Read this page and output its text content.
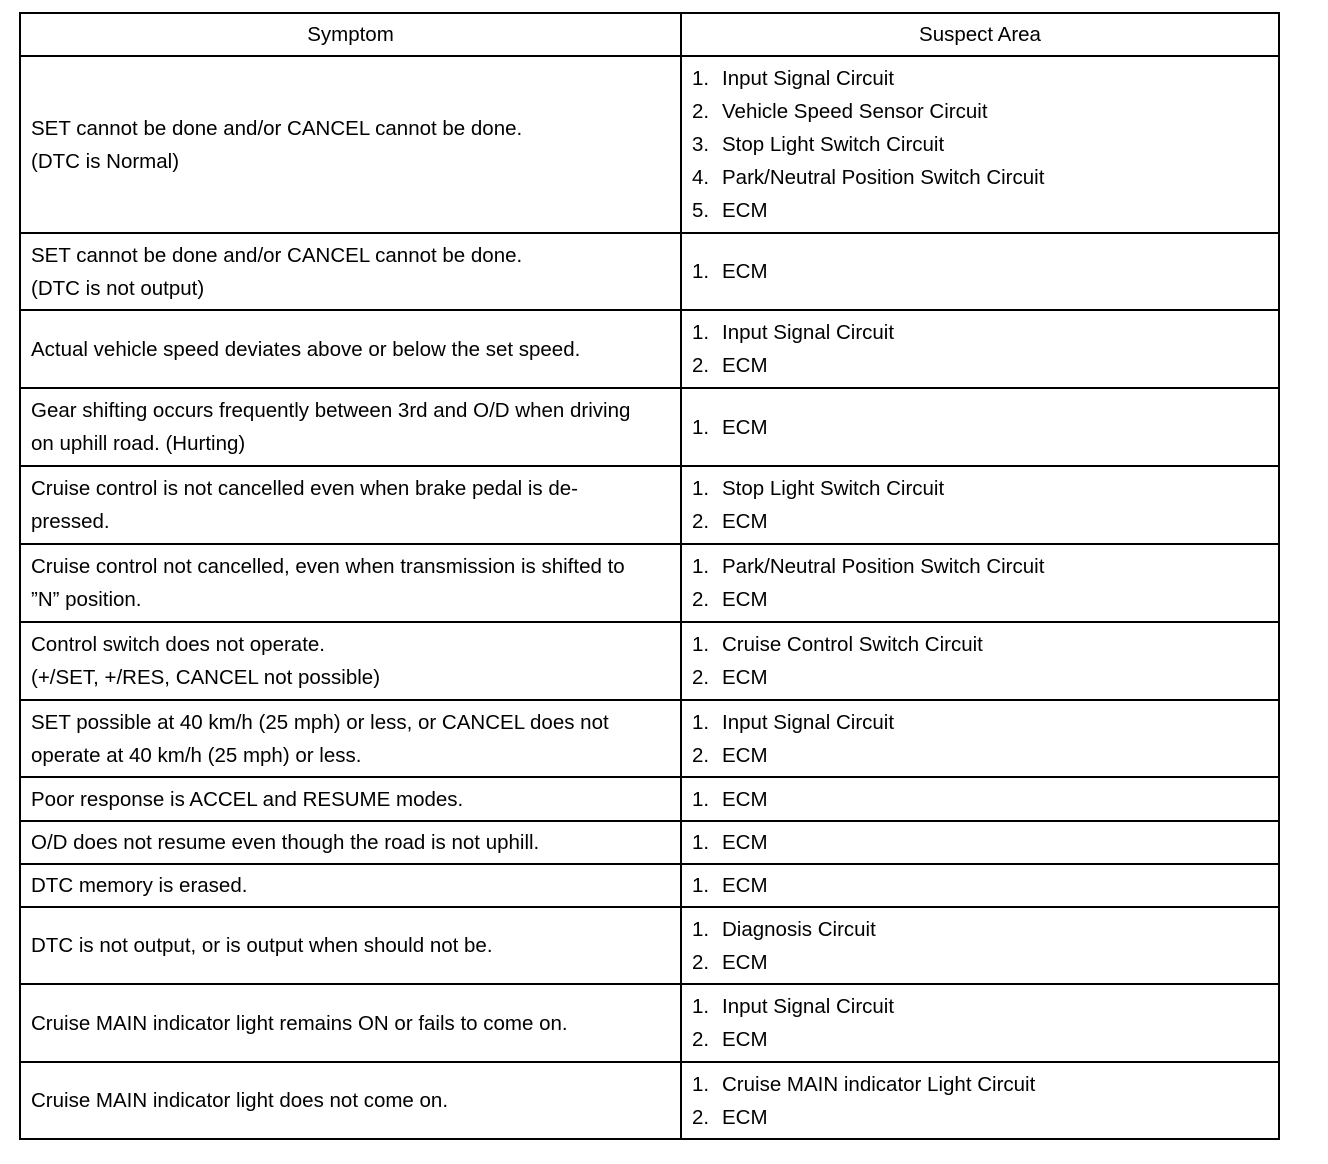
Symptom	Suspect Area

SET cannot be done and/or CANCEL cannot be done.
(DTC is Normal)	1. Input Signal Circuit
2. Vehicle Speed Sensor Circuit
3. Stop Light Switch Circuit
4. Park/Neutral Position Switch Circuit
5. ECM

SET cannot be done and/or CANCEL cannot be done.
(DTC is not output)	1. ECM

Actual vehicle speed deviates above or below the set speed.	1. Input Signal Circuit
2. ECM

Gear shifting occurs frequently between 3rd and O/D when driving
on uphill road. (Hurting)	1. ECM

Cruise control is not cancelled even when brake pedal is de-
pressed.	1. Stop Light Switch Circuit
2. ECM

Cruise control not cancelled, even when transmission is shifted to
”N” position.	1. Park/Neutral Position Switch Circuit
2. ECM

Control switch does not operate.
(+/SET, +/RES, CANCEL not possible)	1. Cruise Control Switch Circuit
2. ECM

SET possible at 40 km/h (25 mph) or less, or CANCEL does not
operate at 40 km/h (25 mph) or less.	1. Input Signal Circuit
2. ECM

Poor response is ACCEL and RESUME modes.	1. ECM

O/D does not resume even though the road is not uphill.	1. ECM

DTC memory is erased.	1. ECM

DTC is not output, or is output when should not be.	1. Diagnosis Circuit
2. ECM

Cruise MAIN indicator light remains ON or fails to come on.	1. Input Signal Circuit
2. ECM

Cruise MAIN indicator light does not come on.	1. Cruise MAIN indicator Light Circuit
2. ECM
